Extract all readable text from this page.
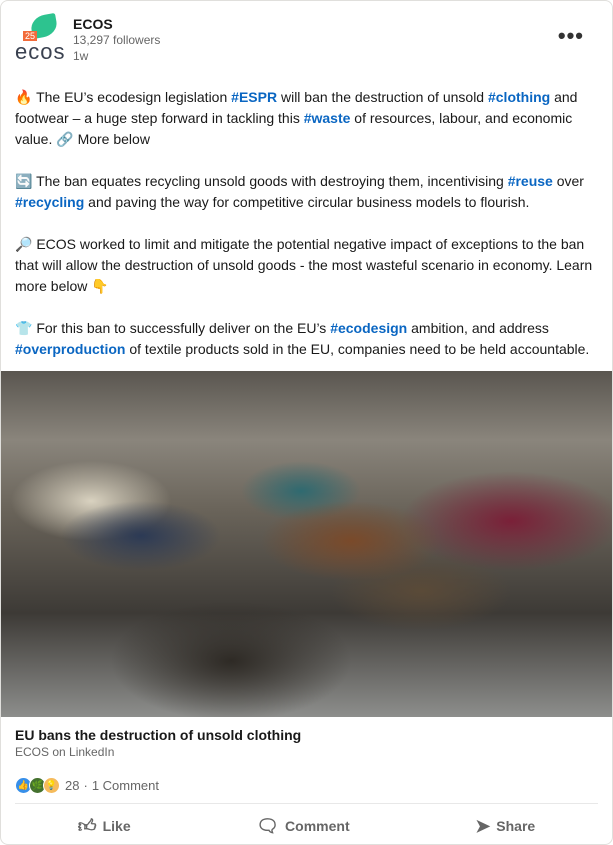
25
ecos
ECOS
13,297 followers
1w
•••

🔥 The EU’s ecodesign legislation #ESPR will ban the destruction of unsold #clothing and footwear – a huge step forward in tackling this #waste of resources, labour, and economic value. 🔗 More below

🔄 The ban equates recycling unsold goods with destroying them, incentivising #reuse over #recycling and paving the way for competitive circular business models to flourish.

🔎 ECOS worked to limit and mitigate the potential negative impact of exceptions to the ban that will allow the destruction of unsold goods - the most wasteful scenario in economy. Learn more below 👇

👕 For this ban to successfully deliver on the EU’s #ecodesign ambition, and address #overproduction of textile products sold in the EU, companies need to be held accountable.

EU bans the destruction of unsold clothing
ECOS on LinkedIn
👍 🌿 💡 28 · 1 Comment
👍︎ Like	🗨︎ Comment	➤ Share
